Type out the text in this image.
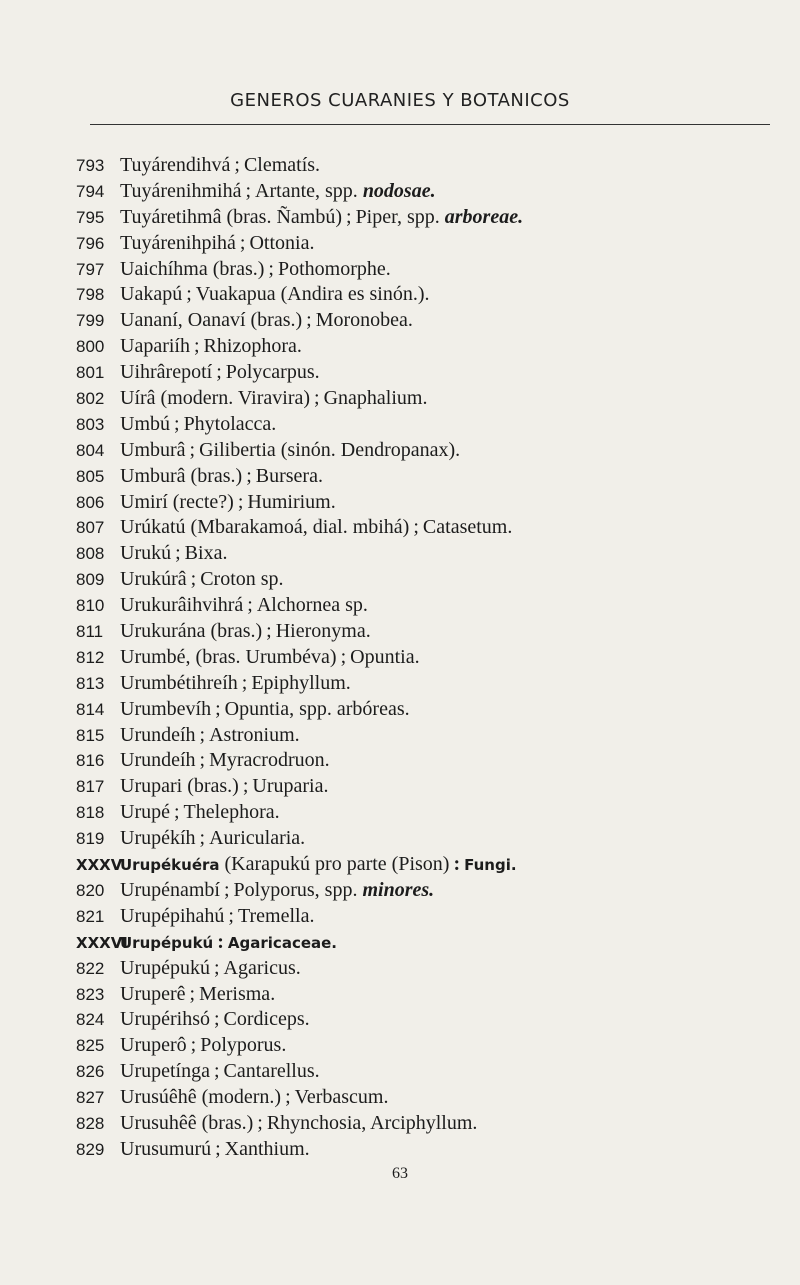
GENEROS CUARANIES Y BOTANICOS
793 Tuyárendihvá ; Clematís.
794 Tuyárenihmihá ; Artante, spp. nodosae.
795 Tuyáretihmâ (bras. Ñambú) ; Piper, spp. arboreae.
796 Tuyárenihpihá ; Ottonia.
797 Uaichíhma (bras.) ; Pothomorphe.
798 Uakapú ; Vuakapua (Andira es sinón.).
799 Uananí, Oanaví (bras.) ; Moronobea.
800 Uapariíh ; Rhizophora.
801 Uihrârepotí ; Polycarpus.
802 Uírâ (modern. Viravira) ; Gnaphalium.
803 Umbú ; Phytolacca.
804 Umburâ ; Gilibertia (sinón. Dendropanax).
805 Umburâ (bras.) ; Bursera.
806 Umirí (recte?) ; Humirium.
807 Urúkatú (Mbarakamoá, dial. mbihá) ; Catasetum.
808 Urukú ; Bixa.
809 Urukúrâ ; Croton sp.
810 Urukurâihvihrá ; Alchornea sp.
811 Urukurána (bras.) ; Hieronyma.
812 Urumbé, (bras. Urumbéva) ; Opuntia.
813 Urumbétihreíh ; Epiphyllum.
814 Urumbevíh ; Opuntia, spp. arbóreas.
815 Urundeíh ; Astronium.
816 Urundeíh ; Myracrodruon.
817 Urupari (bras.) ; Uruparia.
818 Urupé ; Thelephora.
819 Urupékíh ; Auricularia.
XXXVUrupékuéra (Karapukú pro parte (Pison) : Fungi.
820 Urupénambí ; Polyporus, spp. minores.
821 Urupépihahú ; Tremella.
XXXVIUrupépukú : Agaricaceae.
822 Urupépukú ; Agaricus.
823 Uruperê ; Merisma.
824 Urupérihsó ; Cordiceps.
825 Uruperô ; Polyporus.
826 Urupetínga ; Cantarellus.
827 Urusúêhê (modern.) ; Verbascum.
828 Urusuhêê (bras.) ; Rhynchosia, Arciphyllum.
829 Urusumurú ; Xanthium.
63
